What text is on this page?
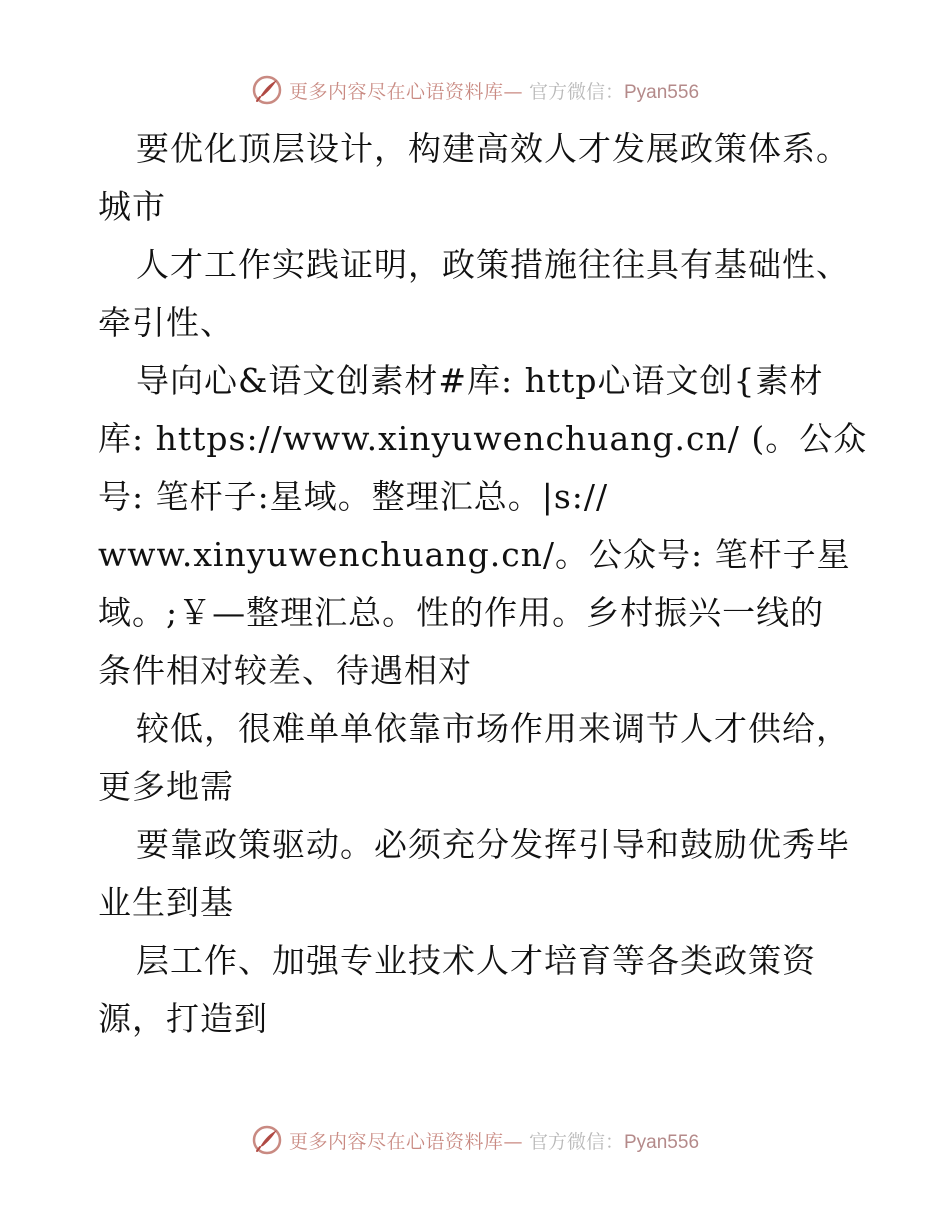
更多内容尽在心语资料库— 官方微信：Pyan556
要优化顶层设计，构建高效人才发展政策体系。
城市
人才工作实践证明，政策措施往往具有基础性、
牵引性、
导向心&语文创素材#库: http心语文创{素材
库: https://www.xinyuwenchuang.cn/ (。公众
号: 笔杆子:星域。整理汇总。|s://
www.xinyuwenchuang.cn/。公众号: 笔杆子星
域。;￥—整理汇总。性的作用。乡村振兴一线的
条件相对较差、待遇相对
较低，很难单单依靠市场作用来调节人才供给，
更多地需
要靠政策驱动。必须充分发挥引导和鼓励优秀毕
业生到基
层工作、加强专业技术人才培育等各类政策资
源，打造到
更多内容尽在心语资料库— 官方微信：Pyan556
